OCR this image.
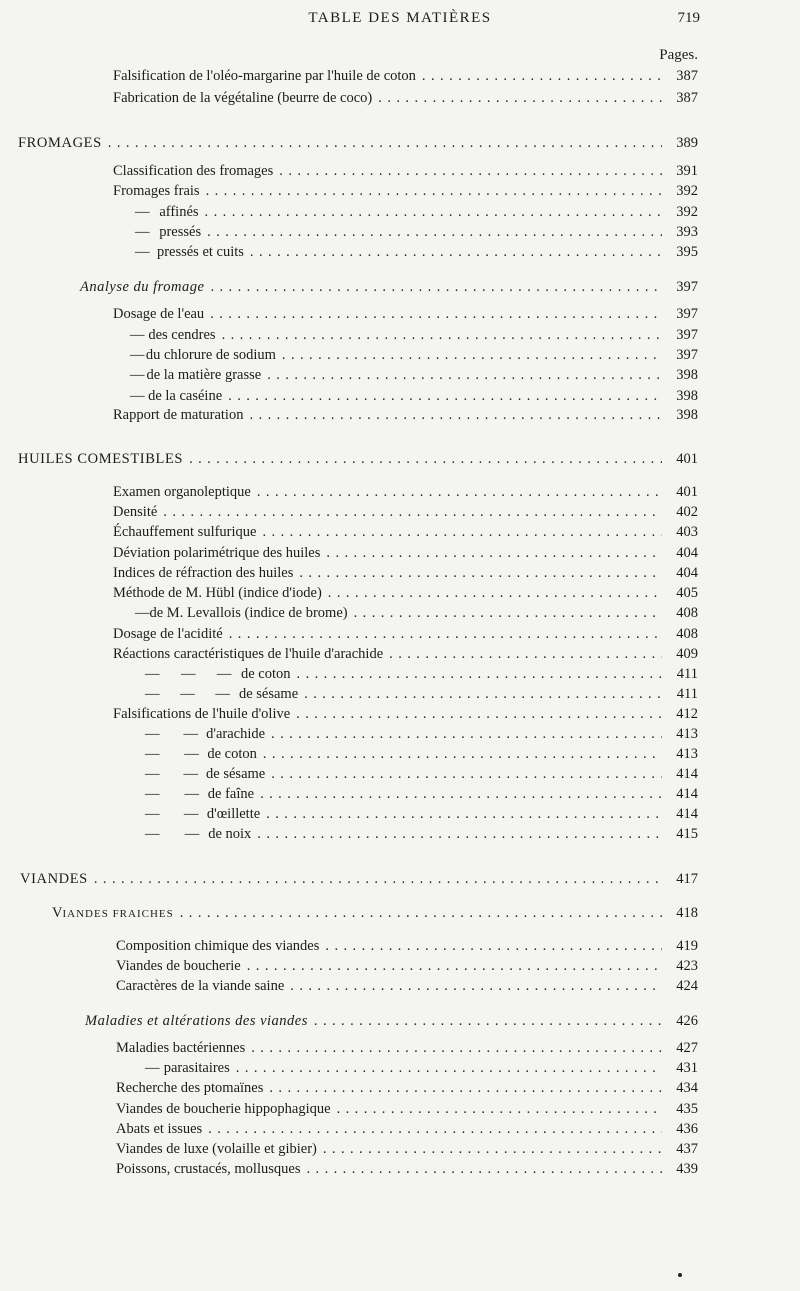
TABLE DES MATIÈRES	719
Pages.
Falsification de l'oléo-margarine par l'huile de coton . . .	387
Fabrication de la végétaline (beurre de coco) . . .	387
FROMAGES . . .	389
Classification des fromages . . .	391
Fromages frais . . .	392
— affinés . . .	392
— pressés . . .	393
— pressés et cuits . . .	395
Analyse du fromage . . .	397
Dosage de l'eau . . .	397
— des cendres . . .	397
— du chlorure de sodium . . .	397
— de la matière grasse . . .	398
— de la caséine . . .	398
Rapport de maturation . . .	398
HUILES COMESTIBLES . . .	401
Examen organoleptique . . .	401
Densité . . .	402
Échauffement sulfurique . . .	403
Déviation polarimétrique des huiles . . .	404
Indices de réfraction des huiles . . .	404
Méthode de M. Hübl (indice d'iode) . . .	405
— de M. Levallois (indice de brome) . . .	408
Dosage de l'acidité . . .	408
Réactions caractéristiques de l'huile d'arachide . . .	409
—	—	— de coton . . .	411
—	—	— de sésame . . .	411
Falsifications de l'huile d'olive . . .	412
—	— d'arachide . . .	413
—	— de coton . . .	413
—	— de sésame . . .	414
—	— de faîne . . .	414
—	— d'œillette . . .	414
—	— de noix . . .	415
VIANDES . . .	417
VIANDES FRAICHES . . .	418
Composition chimique des viandes . . .	419
Viandes de boucherie . . .	423
Caractères de la viande saine . . .	424
Maladies et altérations des viandes . . .	426
Maladies bactériennes . . .	427
— parasitaires . . .	431
Recherche des ptomaïnes . . .	434
Viandes de boucherie hippophagique . . .	435
Abats et issues . . .	436
Viandes de luxe (volaille et gibier) . . .	437
Poissons, crustacés, mollusques . . .	439
